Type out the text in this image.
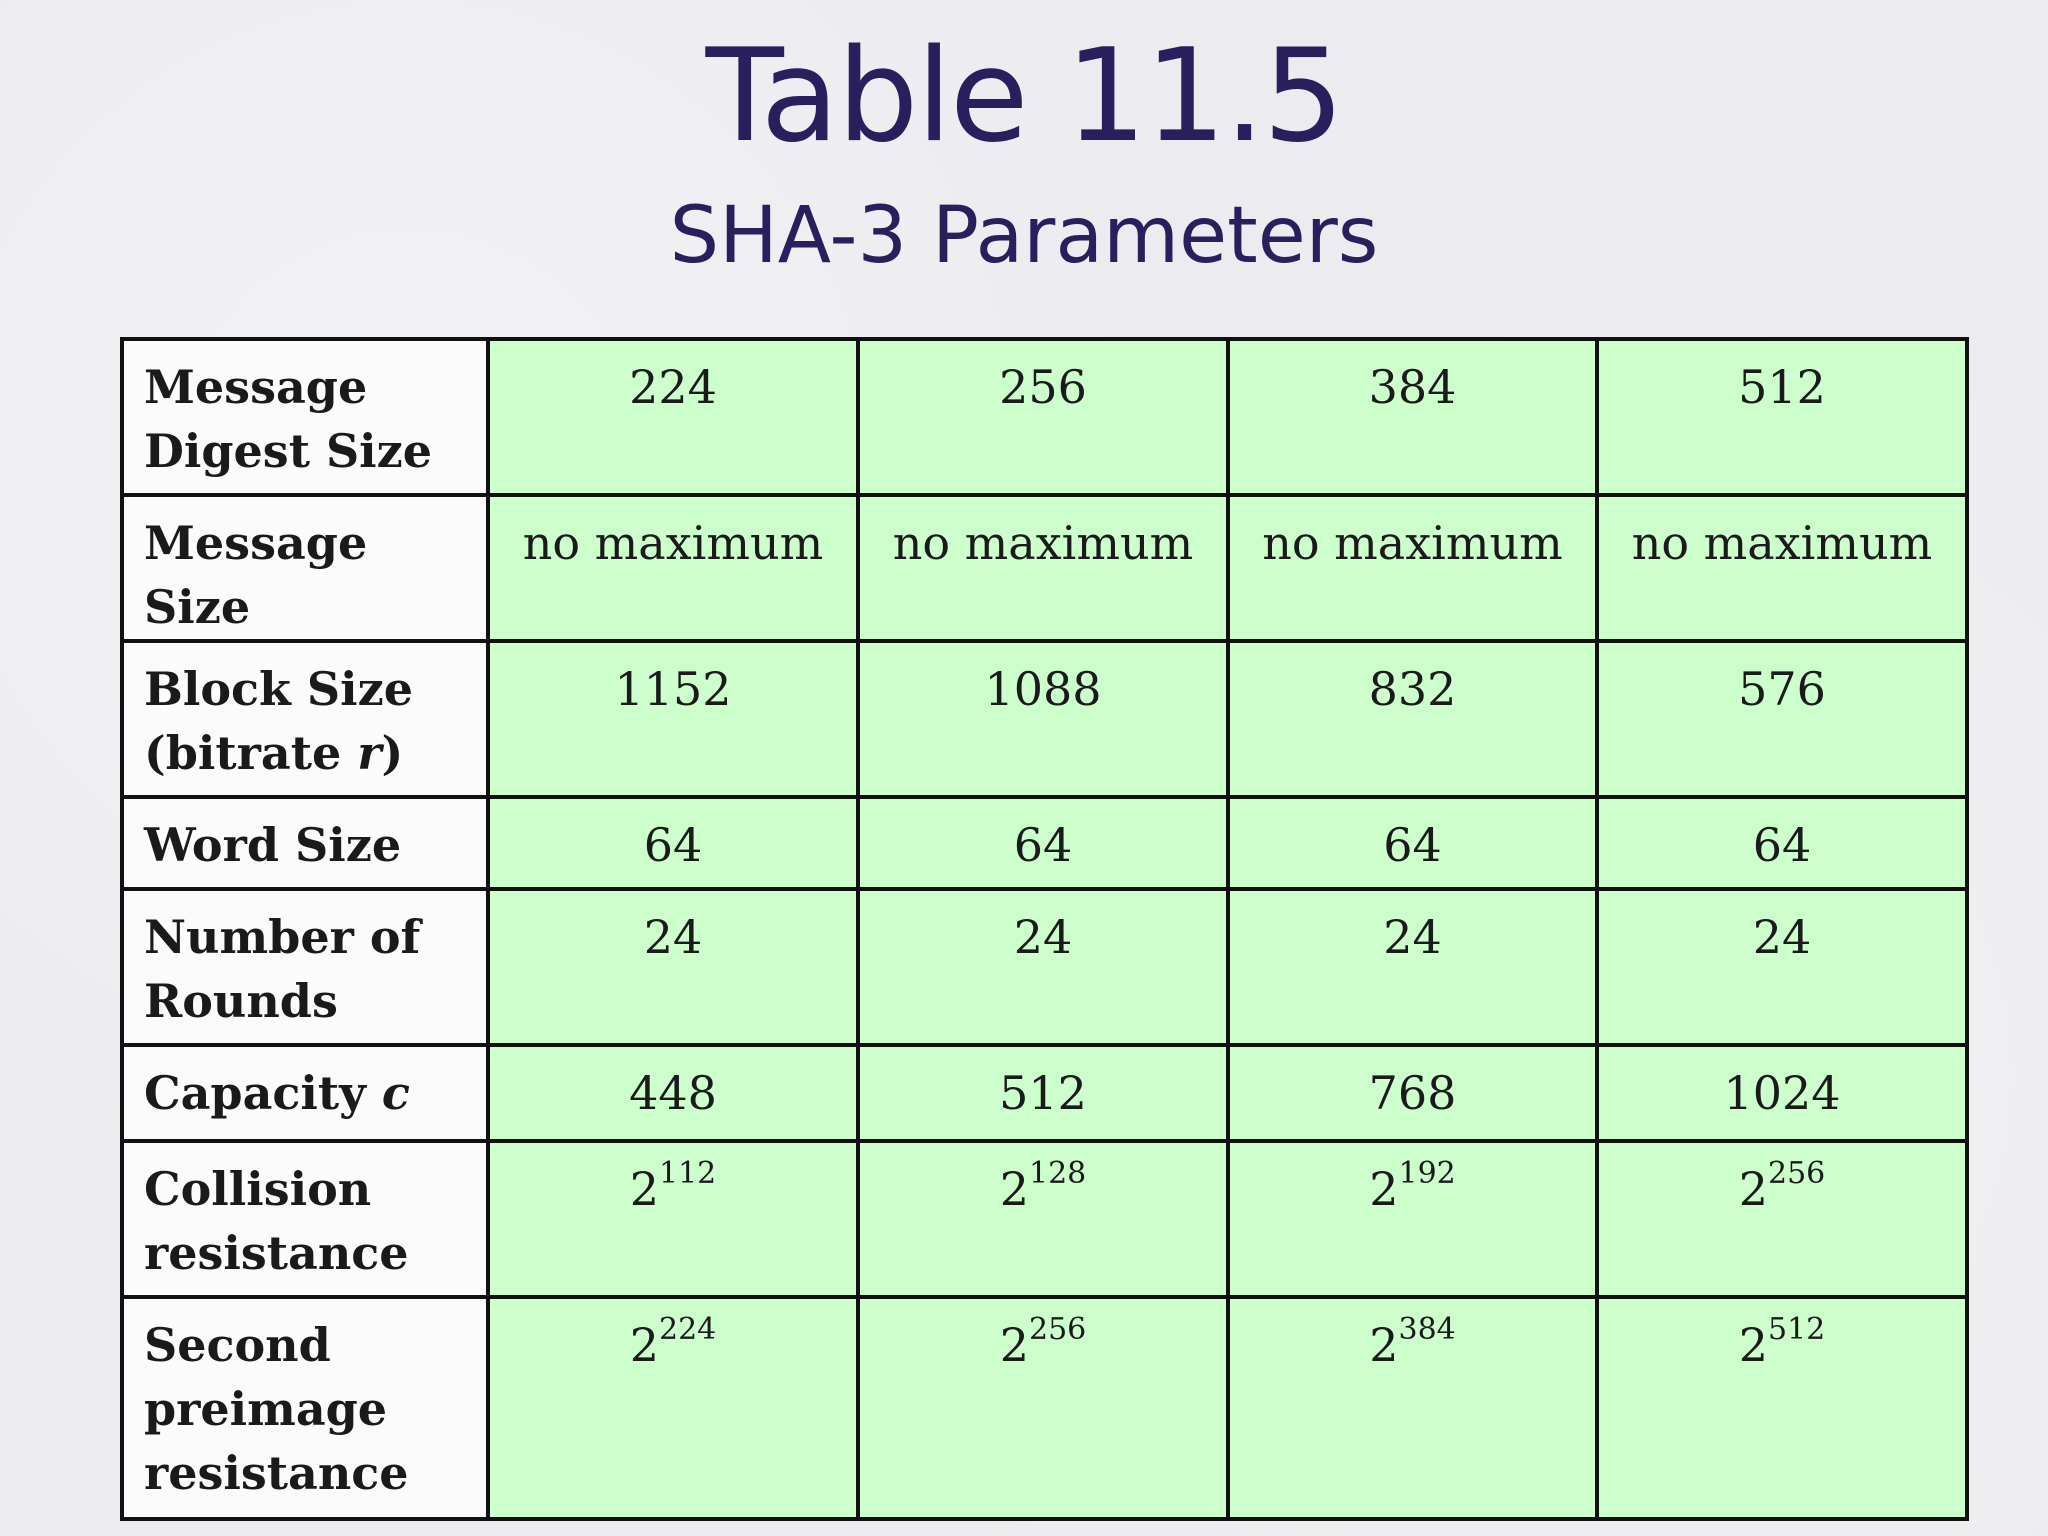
Table 11.5
SHA-3 Parameters
Message Digest Size	224	256	384	512
Message Size	no maximum	no maximum	no maximum	no maximum
Block Size (bitrate r)	1152	1088	832	576
Word Size	64	64	64	64
Number of Rounds	24	24	24	24
Capacity c	448	512	768	1024
Collision resistance	$2^{112}$	$2^{128}$	$2^{192}$	$2^{256}$
Second preimage resistance	$2^{224}$	$2^{256}$	$2^{384}$	$2^{512}$
